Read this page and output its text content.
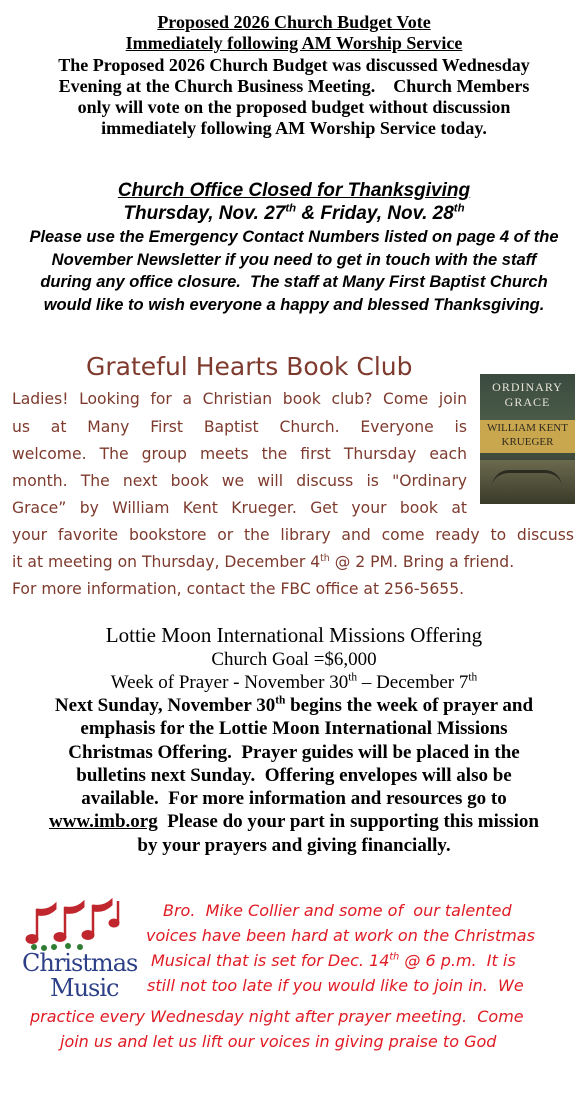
Proposed 2026 Church Budget Vote
Immediately following AM Worship Service
The Proposed 2026 Church Budget was discussed Wednesday
Evening at the Church Business Meeting.    Church Members
only will vote on the proposed budget without discussion
immediately following AM Worship Service today.
Church Office Closed for Thanksgiving
Thursday, Nov. 27th & Friday, Nov. 28th
Please use the Emergency Contact Numbers listed on page 4 of the
November Newsletter if you need to get in touch with the staff
during any office closure.  The staff at Many First Baptist Church
would like to wish everyone a happy and blessed Thanksgiving.
Grateful Hearts Book Club
ORDINARY
GRACE
WILLIAM KENT
KRUEGER
Ladies! Looking for a Christian book club? Come join
us at Many First Baptist Church. Everyone is
welcome. The group meets the first Thursday each
month. The next book we will discuss is "Ordinary
Grace” by William Kent Krueger. Get your book at
your favorite bookstore or the library and come ready to discuss
it at meeting on Thursday, December 4th @ 2 PM. Bring a friend.
For more information, contact the FBC office at 256-5655.
Lottie Moon International Missions Offering
Church Goal =$6,000
Week of Prayer - November 30th – December 7th
Next Sunday, November 30th begins the week of prayer and
emphasis for the Lottie Moon International Missions
Christmas Offering.  Prayer guides will be placed in the
bulletins next Sunday.  Offering envelopes will also be
available.  For more information and resources go to
www.imb.org  Please do your part in supporting this mission
by your prayers and giving financially.
Christmas
Music
Bro.  Mike Collier and some of  our talented
voices have been hard at work on the Christmas
Musical that is set for Dec. 14th @ 6 p.m.  It is
still not too late if you would like to join in.  We
practice every Wednesday night after prayer meeting.  Come
join us and let us lift our voices in giving praise to God
